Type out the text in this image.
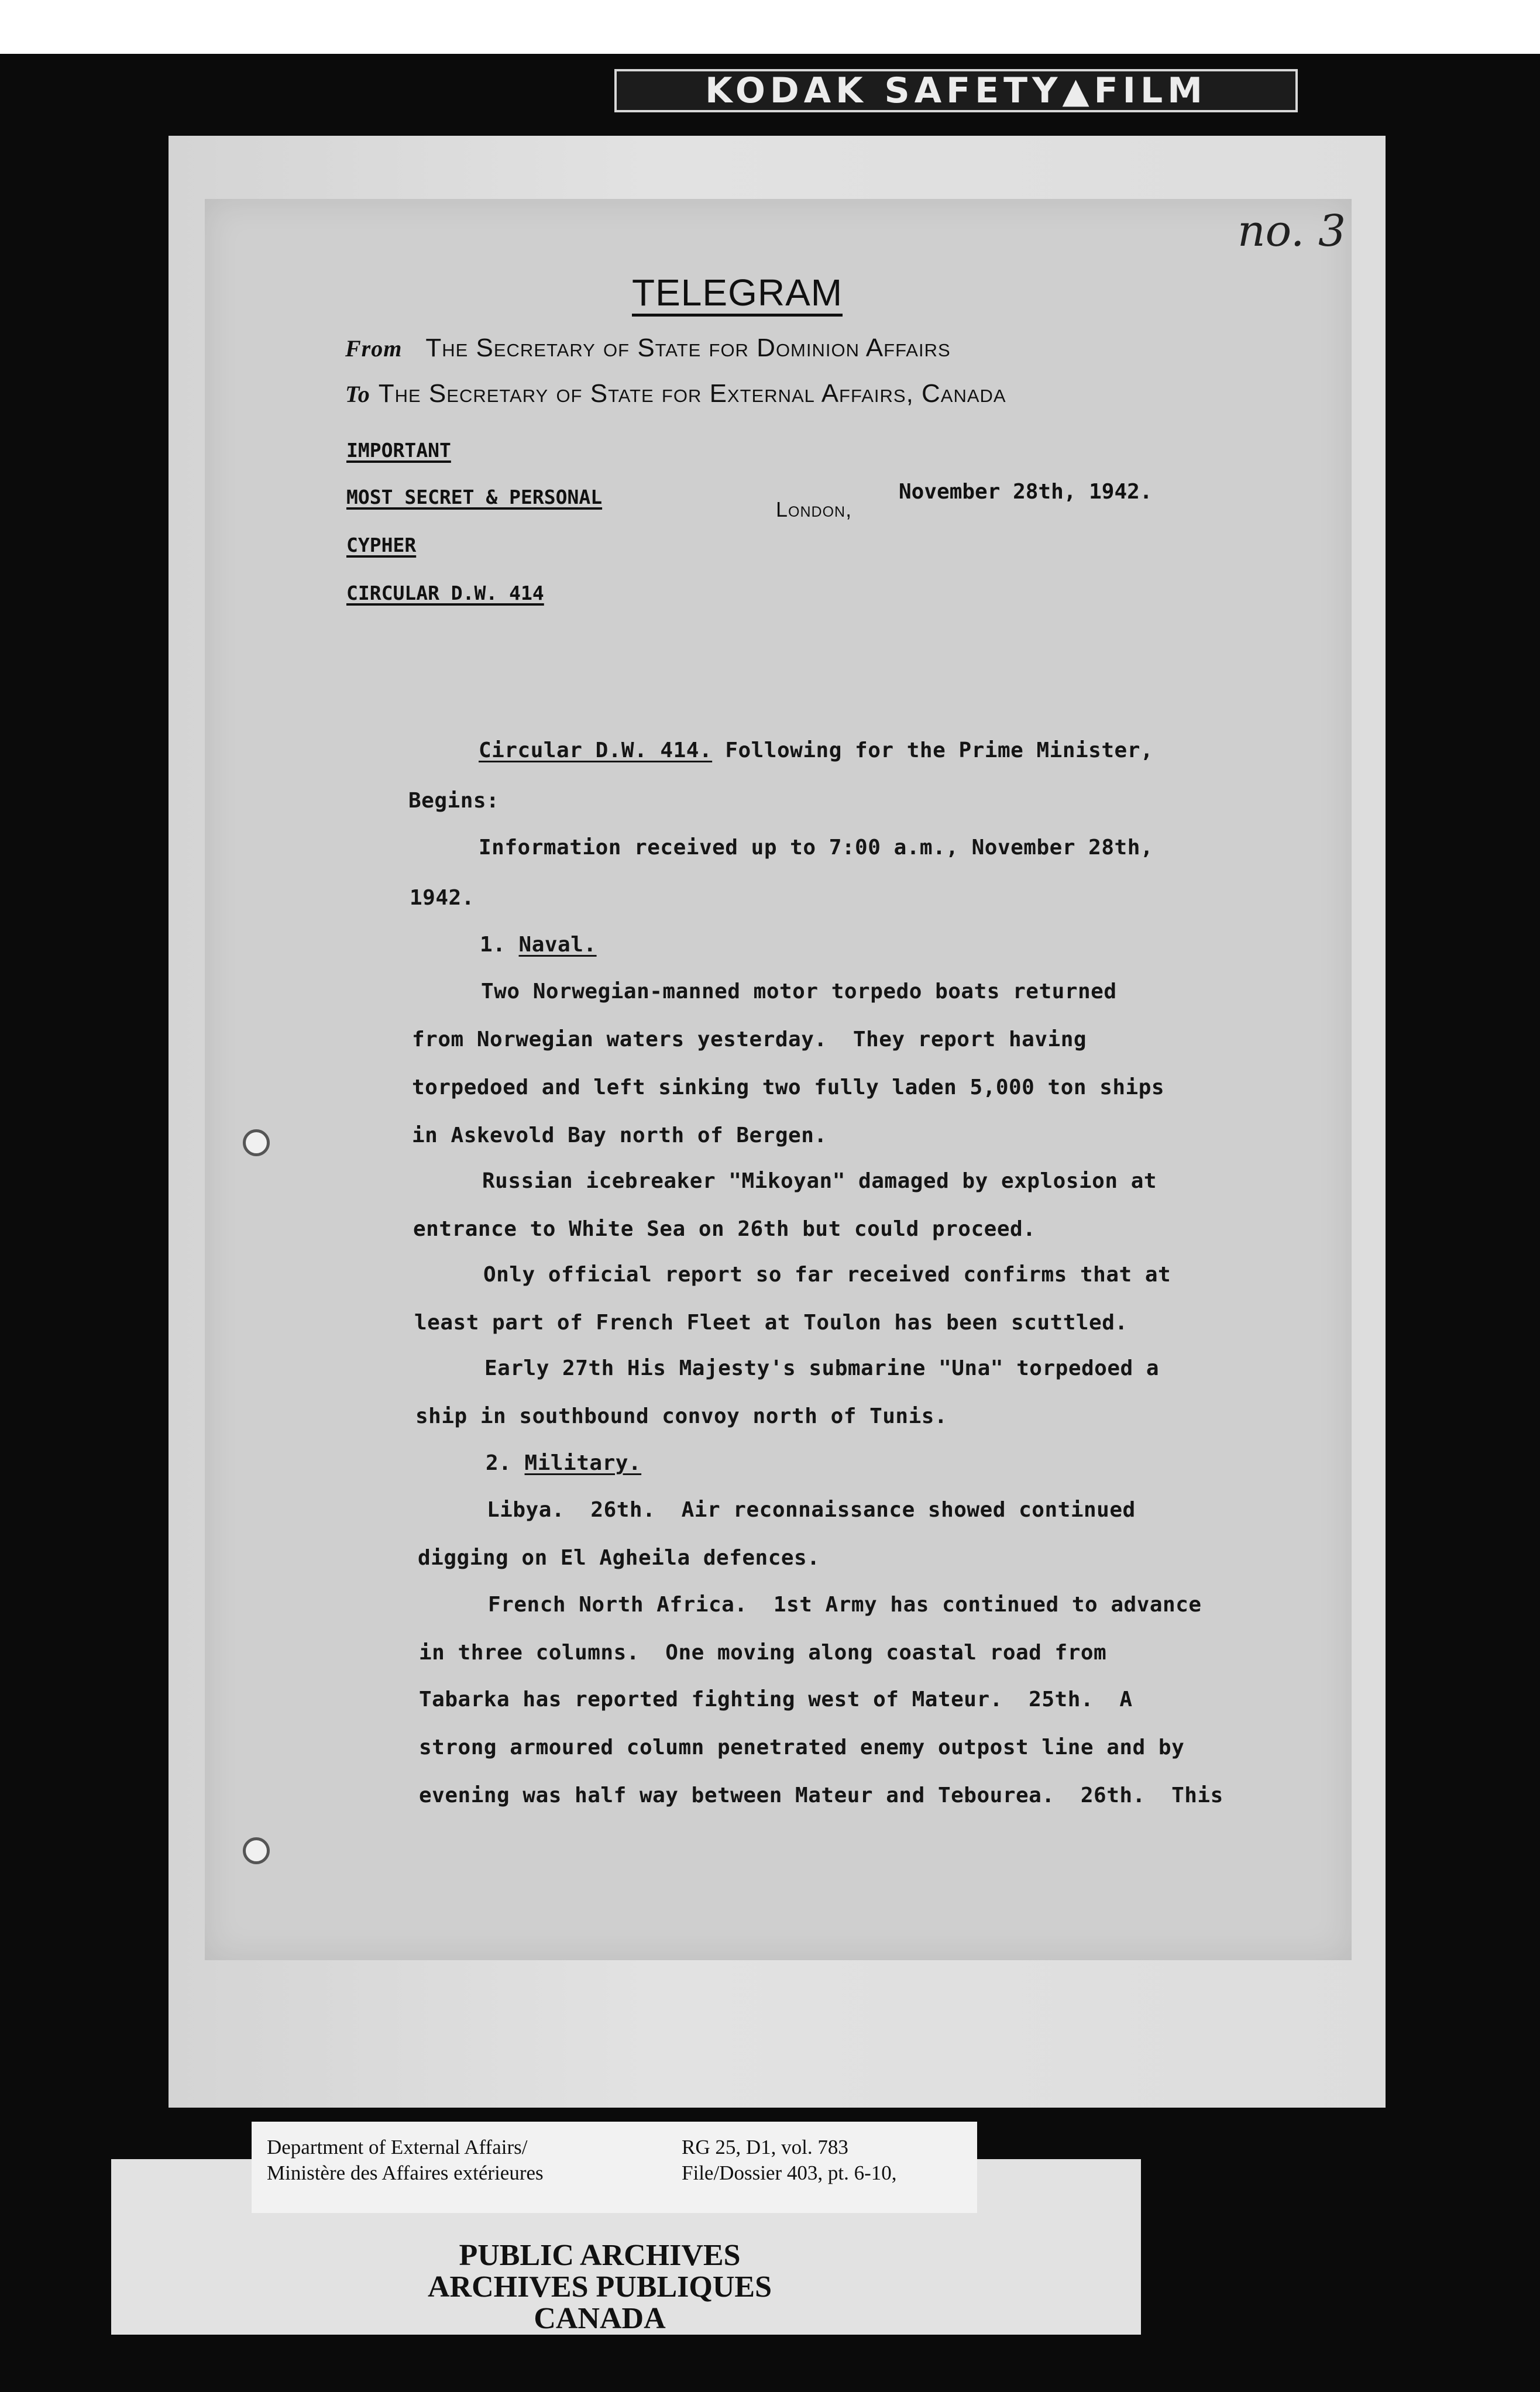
KODAK SAFETY▲FILM
no. 3
TELEGRAM
From The Secretary of State for Dominion Affairs
To The Secretary of State for External Affairs, Canada
IMPORTANT
MOST SECRET & PERSONAL
CYPHER
CIRCULAR D.W. 414
London,
November 28th, 1942.
Circular D.W. 414. Following for the Prime Minister,
Begins:
Information received up to 7:00 a.m., November 28th,
1942.
1. Naval.
Two Norwegian-manned motor torpedo boats returned
from Norwegian waters yesterday.  They report having
torpedoed and left sinking two fully laden 5,000 ton ships
in Askevold Bay north of Bergen.
Russian icebreaker "Mikoyan" damaged by explosion at
entrance to White Sea on 26th but could proceed.
Only official report so far received confirms that at
least part of French Fleet at Toulon has been scuttled.
Early 27th His Majesty's submarine "Una" torpedoed a
ship in southbound convoy north of Tunis.
2. Military.
Libya.  26th.  Air reconnaissance showed continued
digging on El Agheila defences.
French North Africa.  1st Army has continued to advance
in three columns.  One moving along coastal road from
Tabarka has reported fighting west of Mateur.  25th.  A
strong armoured column penetrated enemy outpost line and by
evening was half way between Mateur and Tebourea.  26th.  This
Department of External Affairs/
Ministère des Affaires extérieures
RG 25, D1, vol. 783
File/Dossier 403, pt. 6-10,
PUBLIC ARCHIVES
ARCHIVES PUBLIQUES
CANADA
